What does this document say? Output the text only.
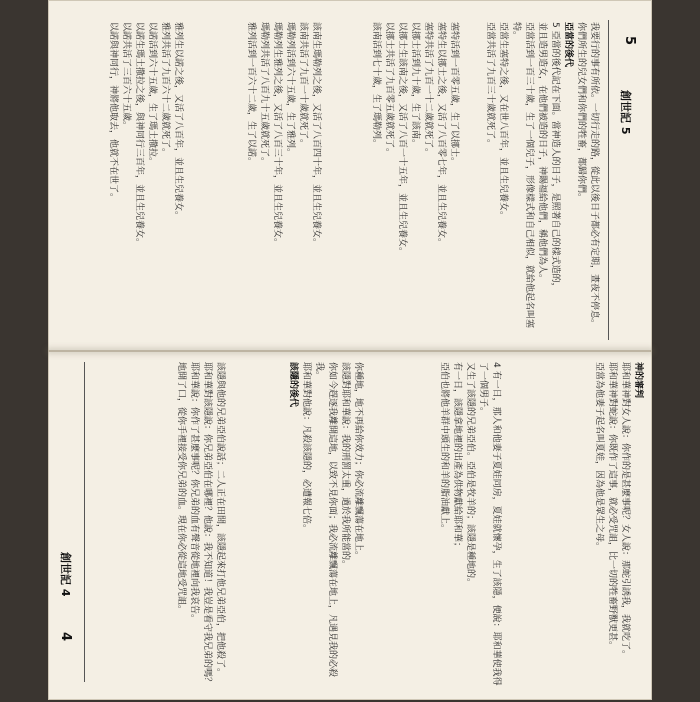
5
創世記 5

我要行的事有所依。一切行走的路，從此以後日子都必有定期，晝夜不停息。

你們所生的兒女們和你們的牲畜，都歸你們。

亞當的後代

5 亞當的後代記在下面。當神造人的日子，是照著自己的樣式造的，

並且造男造女，在他們被造的日子，神賜福給他們，稱他們為人。

亞當活到一百三十歲，生了一個兒子，形像樣式和自己相似，就給他起名叫塞特。

亞當生塞特之後，又在世八百年，並且生兒養女。

亞當共活了九百三十歲就死了。

塞特活到一百零五歲，生了以挪士。

塞特生以挪士之後，又活了八百零七年，並且生兒養女。

塞特共活了九百一十二歲就死了。

以挪士活到九十歲，生了該南。

以挪士生該南之後，又活了八百一十五年，並且生兒養女。

以挪士共活了九百零五歲就死了。

該南活到七十歲，生了瑪勒列。

該南生瑪勒列之後，又活了八百四十年，並且生兒養女。

該南共活了九百一十歲就死了。

瑪勒列活到六十五歲，生了雅列。

瑪勒列生雅列之後，又活了八百三十年，並且生兒養女。

瑪勒列共活了八百九十五歲就死了。

雅列活到一百六十二歲，生了以諾。

雅列生以諾之後，又活了八百年，並且生兒養女。

雅列共活了九百六十二歲就死了。

以諾活到六十五歲，生了瑪土撒拉。

以諾生瑪土撒拉之後，與神同行三百年，並且生兒養女。

以諾共活了三百六十五歲。

以諾與神同行，神將他取去，他就不在世了。

4
創世記 4	該隱與他的兄弟亞伯說話；二人正在田間，該隱起來打他兄弟亞伯，把他殺了。

耶和華對該隱說：你兄弟亞伯在哪裡？他說：我不知道！我豈是看守我兄弟的嗎？

耶和華說：你作了甚麼事呢？你兄弟的血有聲音從地裡向我哀告。

地開了口，從你手裡接受你兄弟的血。現在你必從這地受咒詛。	你種地，地不再給你效力；你必流離飄蕩在地上。

該隱對耶和華說：我的刑罰太重，過於我所能當的。

你如今趕逐我離開這地，以致不見你面；我必流離飄蕩在地上，凡遇見我的必殺我。

耶和華對他說：凡殺該隱的，必遭報七倍。

該隱的後代	4 有一日，那人和他妻子夏娃同房，夏娃就懷孕，生了該隱，便說：耶和華使我得了一個男子。

又生了該隱的兄弟亞伯。亞伯是牧羊的；該隱是種地的。

有一日，該隱拿地裡的出產為供物獻給耶和華；

亞伯也將他羊群中頭生的和羊的脂油獻上。	神的審判

耶和華神對女人說：你作的是甚麼事呢？女人說：那蛇引誘我，我就吃了。

耶和華神對蛇說：你既作了這事，就必受咒詛，比一切的牲畜野獸更甚。

亞當為他妻子起名叫夏娃，因為他是眾生之母。
